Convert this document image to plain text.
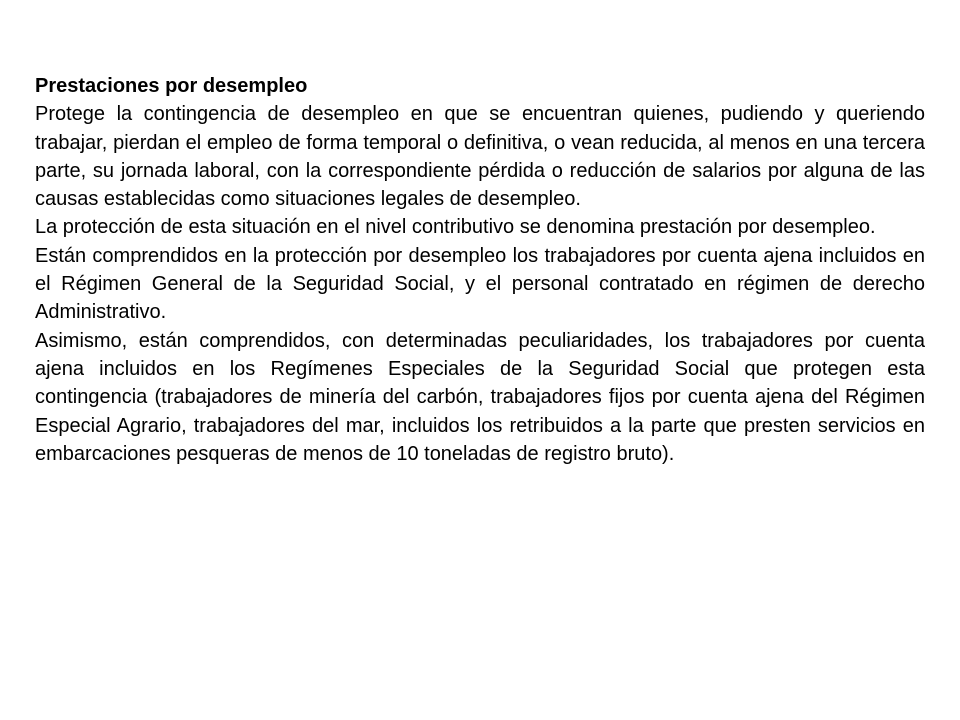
Prestaciones por desempleo

Protege la contingencia de desempleo en que se encuentran quienes, pudiendo y queriendo trabajar, pierdan el empleo de forma temporal o definitiva, o vean reducida, al menos en una tercera parte, su jornada laboral, con la correspondiente pérdida o reducción de salarios por alguna de las causas establecidas como situaciones legales de desempleo.

La protección de esta situación en el nivel contributivo se denomina prestación por desempleo.

Están comprendidos en la protección por desempleo los trabajadores por cuenta ajena incluidos en el Régimen General de la Seguridad Social, y el personal contratado en régimen de derecho Administrativo.

Asimismo, están comprendidos, con determinadas peculiaridades, los trabajadores por cuenta ajena incluidos en los Regímenes Especiales de la Seguridad Social que protegen esta contingencia (trabajadores de minería del carbón, trabajadores fijos por cuenta ajena del Régimen Especial Agrario, trabajadores del mar, incluidos los retribuidos a la parte que presten servicios en embarcaciones pesqueras de menos de 10 toneladas de registro bruto).
